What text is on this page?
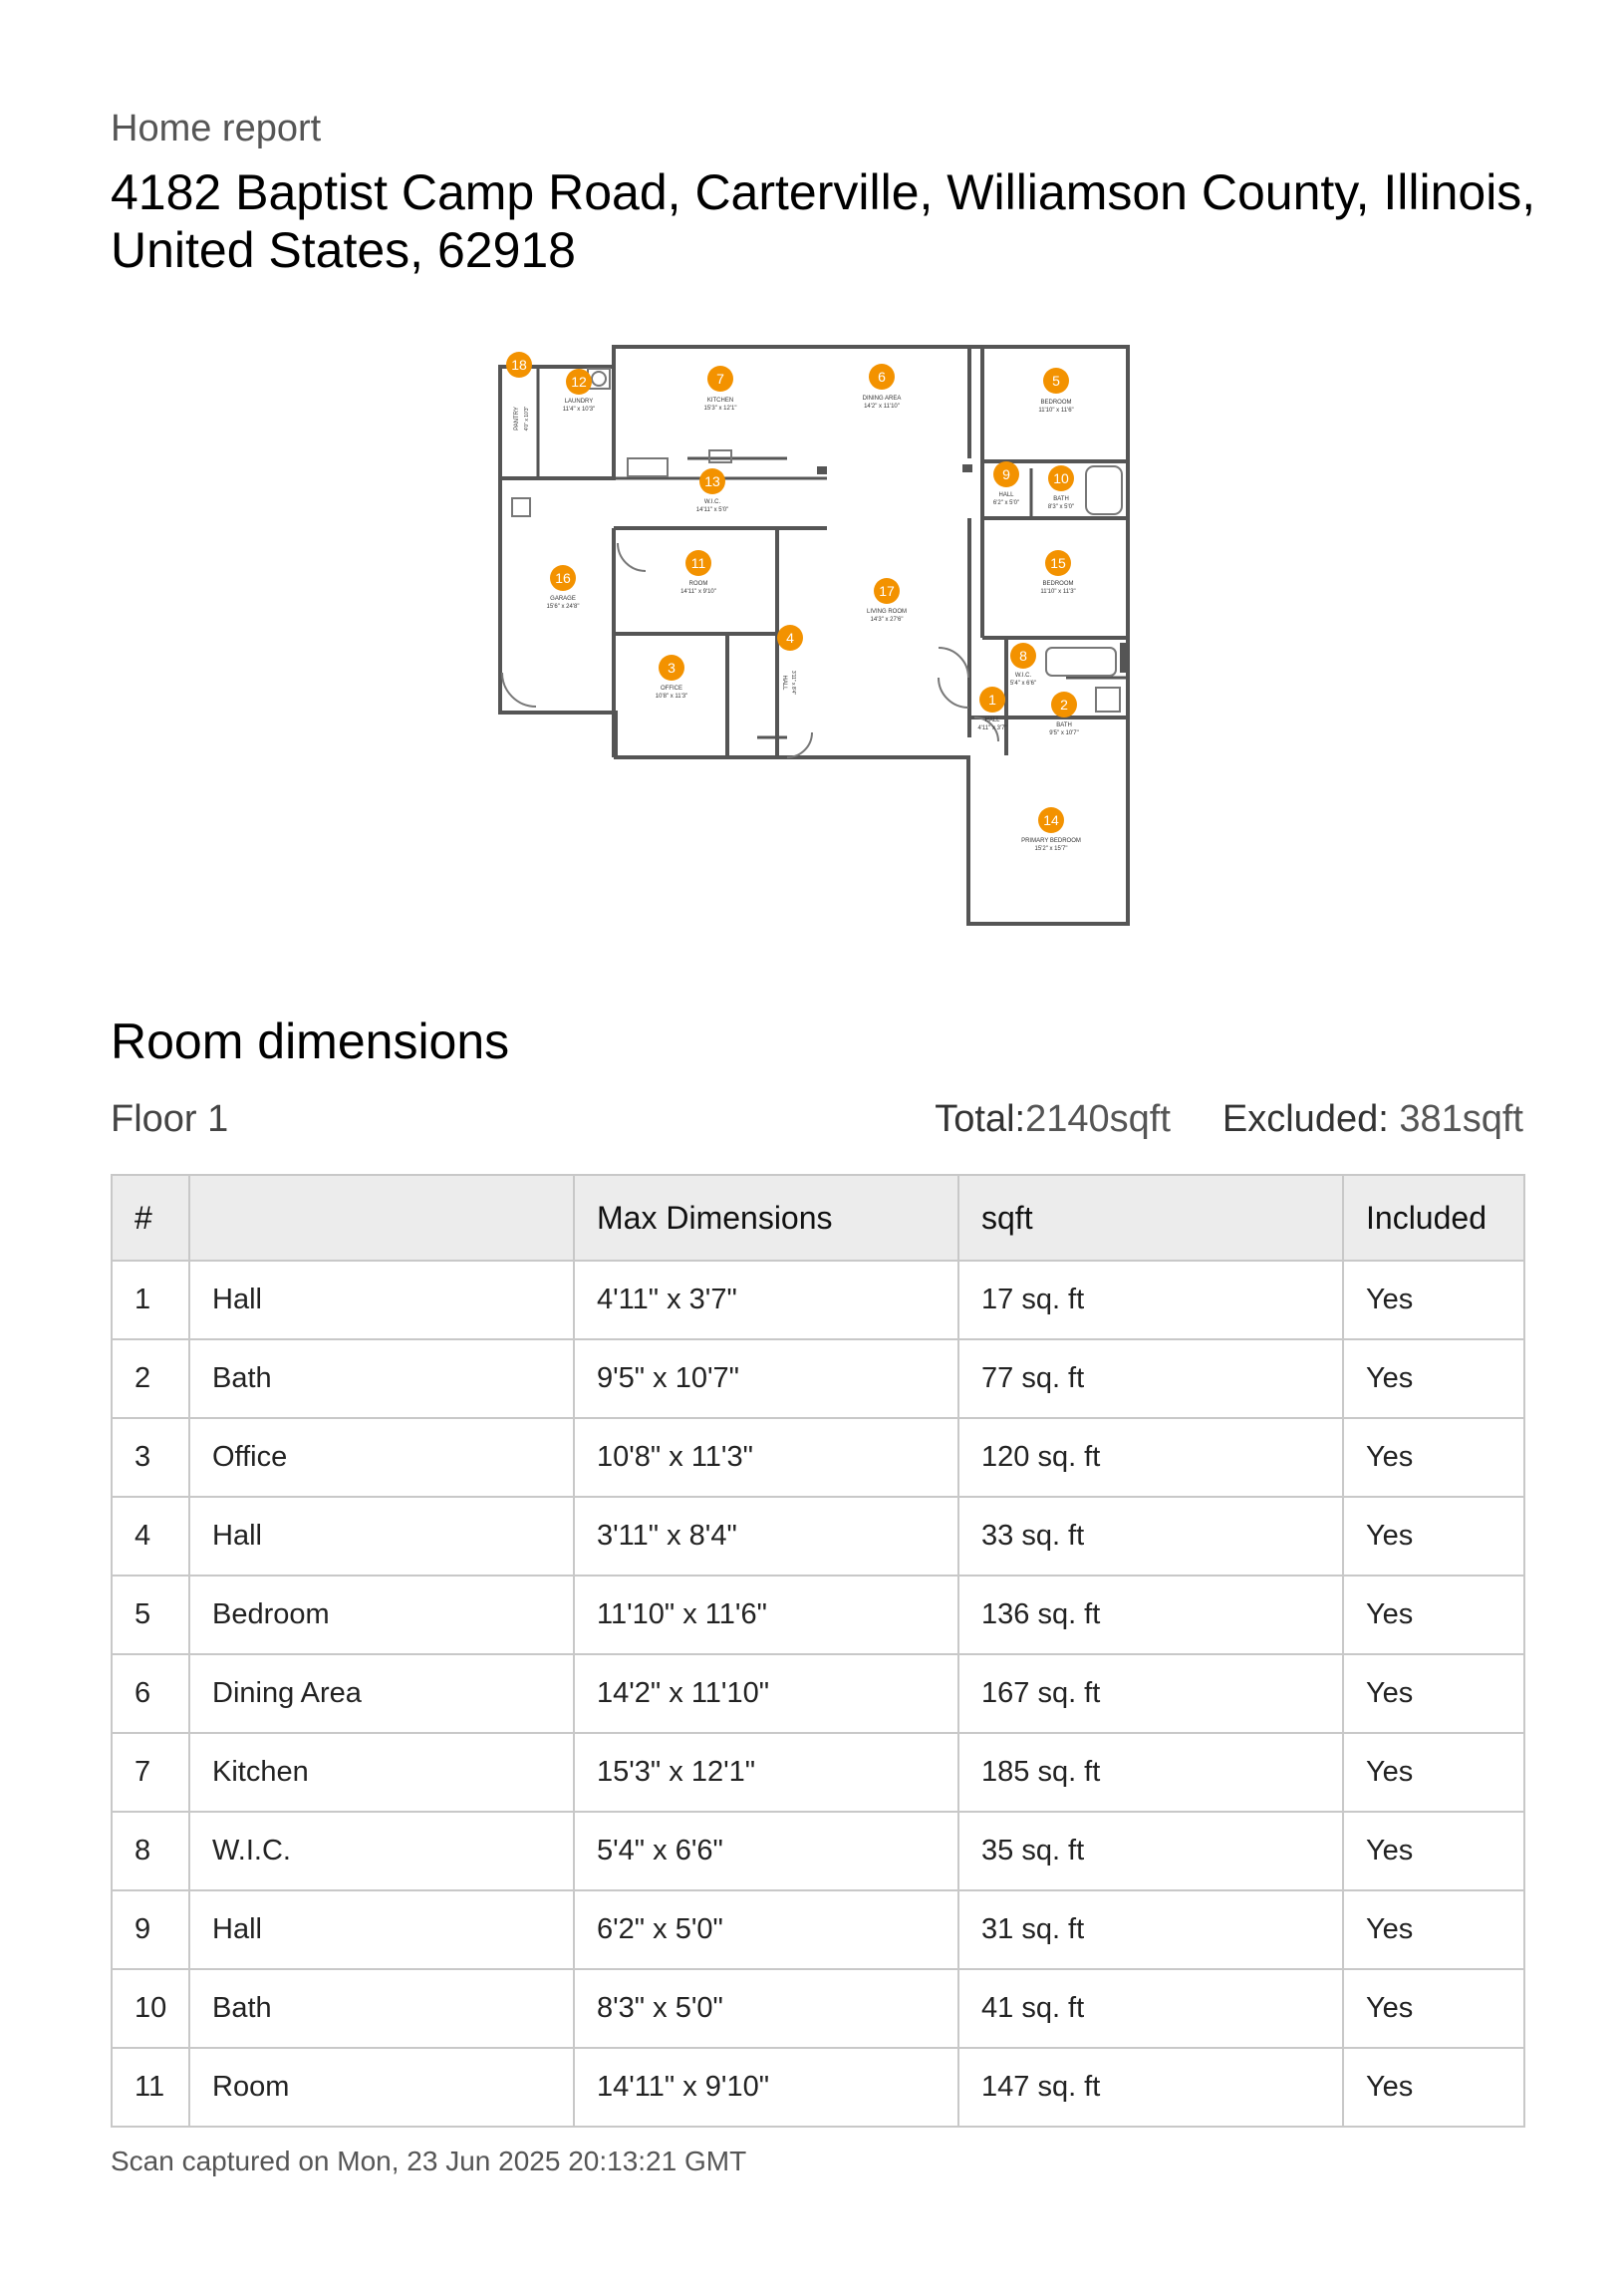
Home report
4182 Baptist Camp Road, Carterville, Williamson County, Illinois, United States, 62918
18
PANTRY 4'0" x 10'3"
12
LAUNDRY
11'4" x 10'3"
7
KITCHEN
15'3" x 12'1"
6
DINING AREA
14'2" x 11'10"
5
BEDROOM
11'10" x 11'6"
13
W.I.C.
14'11" x 5'0"
9
HALL
6'2" x 5'0"
10
BATH
8'3" x 5'0"
16
GARAGE
15'6" x 24'8"
11
ROOM
14'11" x 9'10"	17
LIVING ROOM
14'3" x 27'6"
15
BEDROOM
11'10" x 11'3"
4
HALL 3'11" x 8'4"
3
OFFICE
10'8" x 11'3"
8
W.I.C.
5'4" x 6'6"
1
HALL
4'11" x 3'7"
2
BATH
9'5" x 10'7"
14
PRIMARY BEDROOM
15'2" x 15'7"
Room dimensions
Floor 1	Total:2140sqft Excluded: 381sqft
#		Max Dimensions	sqft	Included
1	Hall	4'11" x 3'7"	17 sq. ft	Yes
2	Bath	9'5" x 10'7"	77 sq. ft	Yes
3	Office	10'8" x 11'3"	120 sq. ft	Yes
4	Hall	3'11" x 8'4"	33 sq. ft	Yes
5	Bedroom	11'10" x 11'6"	136 sq. ft	Yes
6	Dining Area	14'2" x 11'10"	167 sq. ft	Yes
7	Kitchen	15'3" x 12'1"	185 sq. ft	Yes
8	W.I.C.	5'4" x 6'6"	35 sq. ft	Yes
9	Hall	6'2" x 5'0"	31 sq. ft	Yes
10	Bath	8'3" x 5'0"	41 sq. ft	Yes
11	Room	14'11" x 9'10"	147 sq. ft	Yes
Scan captured on Mon, 23 Jun 2025 20:13:21 GMT
